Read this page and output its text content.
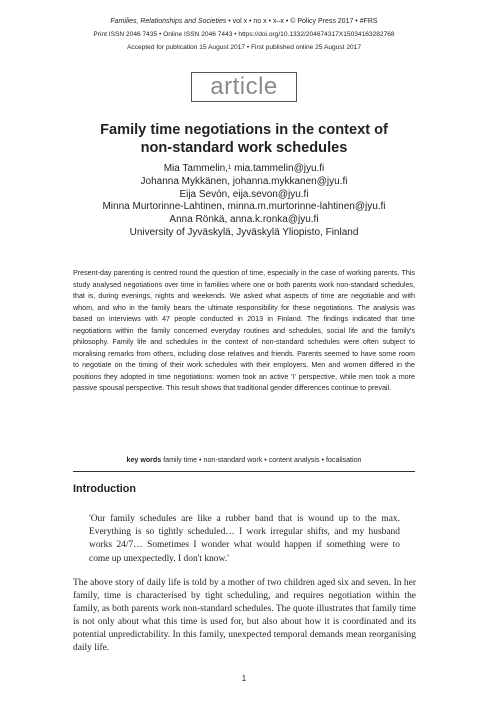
Families, Relationships and Societies • vol x • no x • x–x • © Policy Press 2017 • #FRS
Print ISSN 2046 7435 • Online ISSN 2046 7443 • https://doi.org/10.1332/204674317X15034163282768
Accepted for publication 15 August 2017 • First published online 25 August 2017
article
Family time negotiations in the context of
non-standard work schedules
Mia Tammelin,$^1$ mia.tammelin@jyu.fi
Johanna Mykkänen, johanna.mykkanen@jyu.fi
Eija Sevón, eija.sevon@jyu.fi
Minna Murtorinne-Lahtinen, minna.m.murtorinne-lahtinen@jyu.fi
Anna Rönkä, anna.k.ronka@jyu.fi
University of Jyväskylä, Jyväskylä Yliopisto, Finland
Present-day parenting is centred round the question of time, especially in the case of working parents. This study analysed negotiations over time in families where one or both parents work non-standard schedules, that is, during evenings, nights and weekends. We asked what aspects of time are negotiable and with whom, and who in the family bears the ultimate responsibility for these negotiations. The analysis was based on interviews with 47 people conducted in 2013 in Finland. The findings indicated that time negotiations within the family concerned everyday routines and schedules, social life and the family's philosophy. Family life and schedules in the context of non-standard schedules were often subject to moralising remarks from others, including close relatives and friends. Parents seemed to have some room to negotiate on the timing of their work schedules with their employers. Men and women differed in the positions they adopted in time negotiations: women took an active 'I' perspective, while men took a more passive spousal perspective. This result shows that traditional gender differences continue to prevail.
key words family time • non-standard work • content analysis • focalisation
Introduction
'Our family schedules are like a rubber band that is wound up to the max. Everything is so tightly scheduled… I work irregular shifts, and my husband works 24/7… Sometimes I wonder what would happen if something were to come up unexpectedly. I don't know.'
The above story of daily life is told by a mother of two children aged six and seven. In her family, time is characterised by tight scheduling, and requires negotiation within the family, as both parents work non-standard schedules. The quote illustrates that family time is not only about what this time is used for, but also about how it is coordinated and its potential unpredictability. In this family, unexpected temporal demands mean reorganising daily life.
1
